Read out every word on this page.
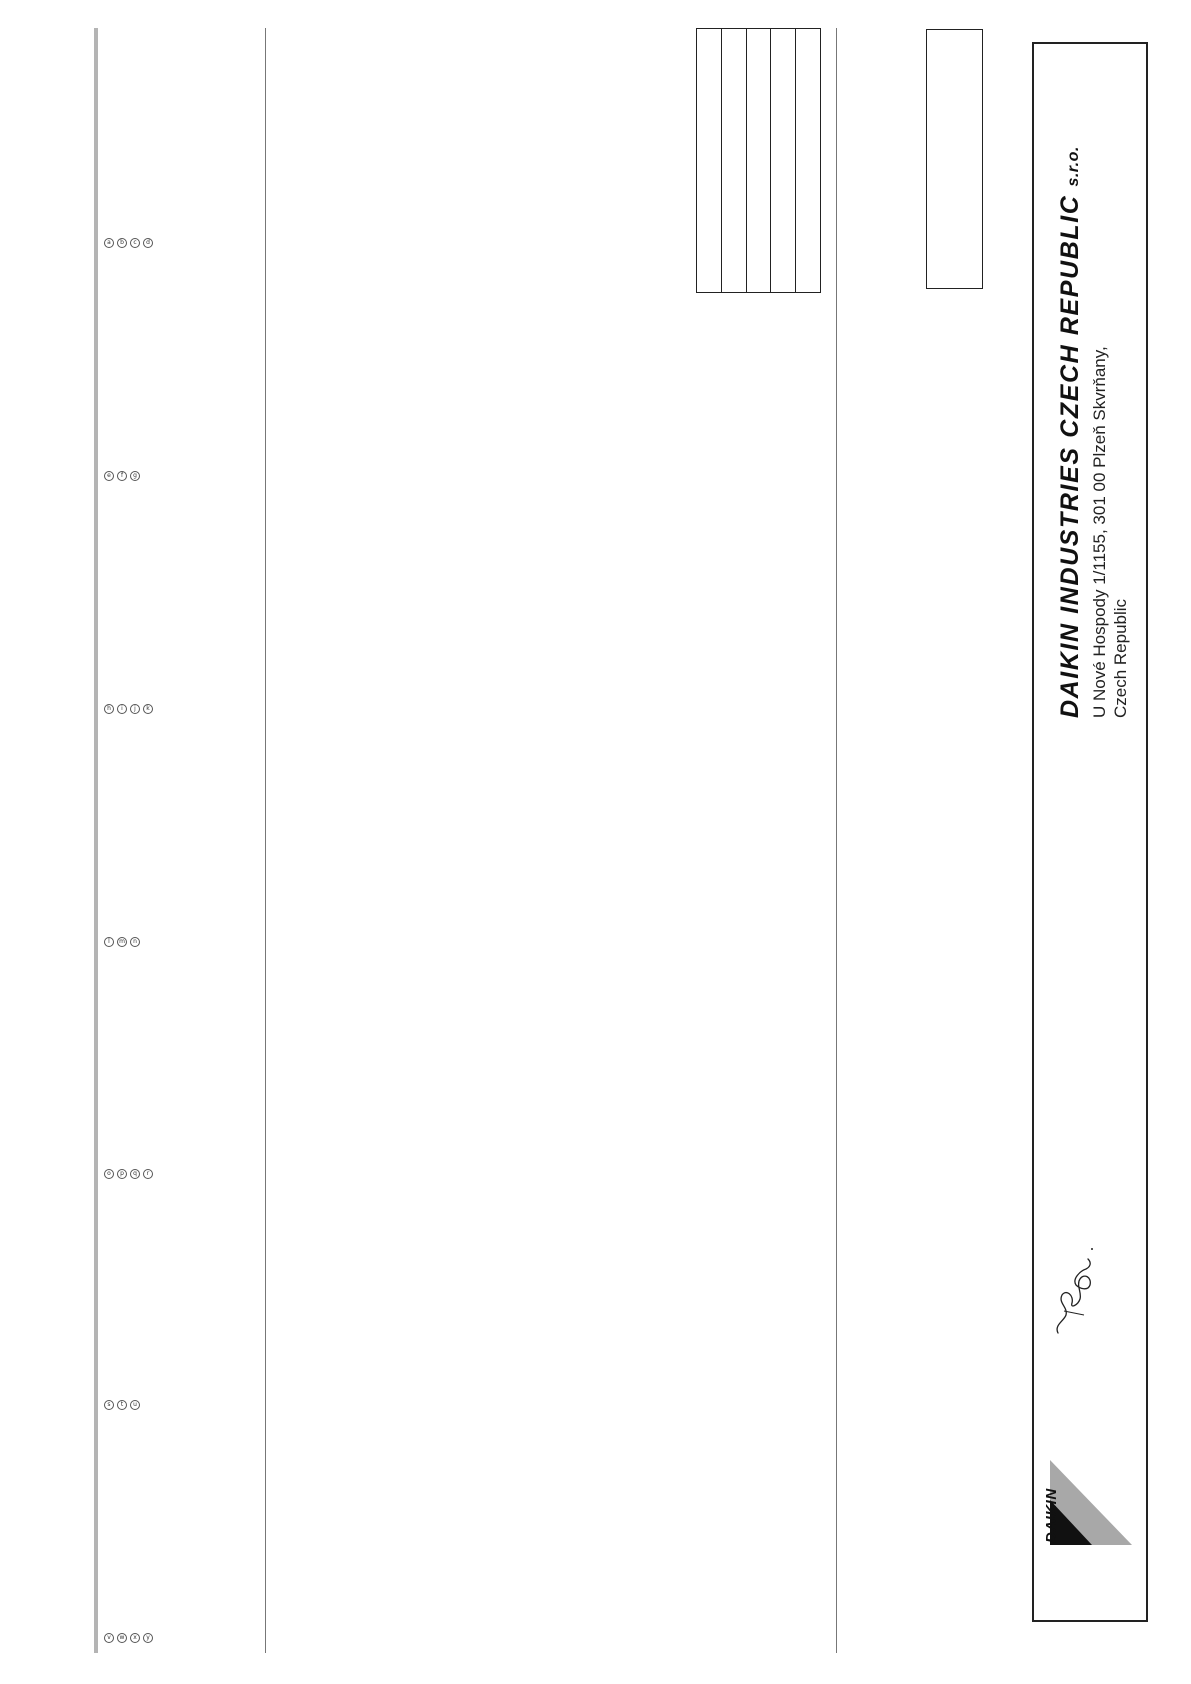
a	b	c	d
e	f	g
h	i	j	k
l	m	n
o	p	q	r
s	t	u
v	w	x	y
DAIKIN INDUSTRIES CZECH REPUBLICs.r.o.
U Nové Hospody 1/1155, 301 00 Plzeň Skvrňany, Czech Republic
DAIKIN
